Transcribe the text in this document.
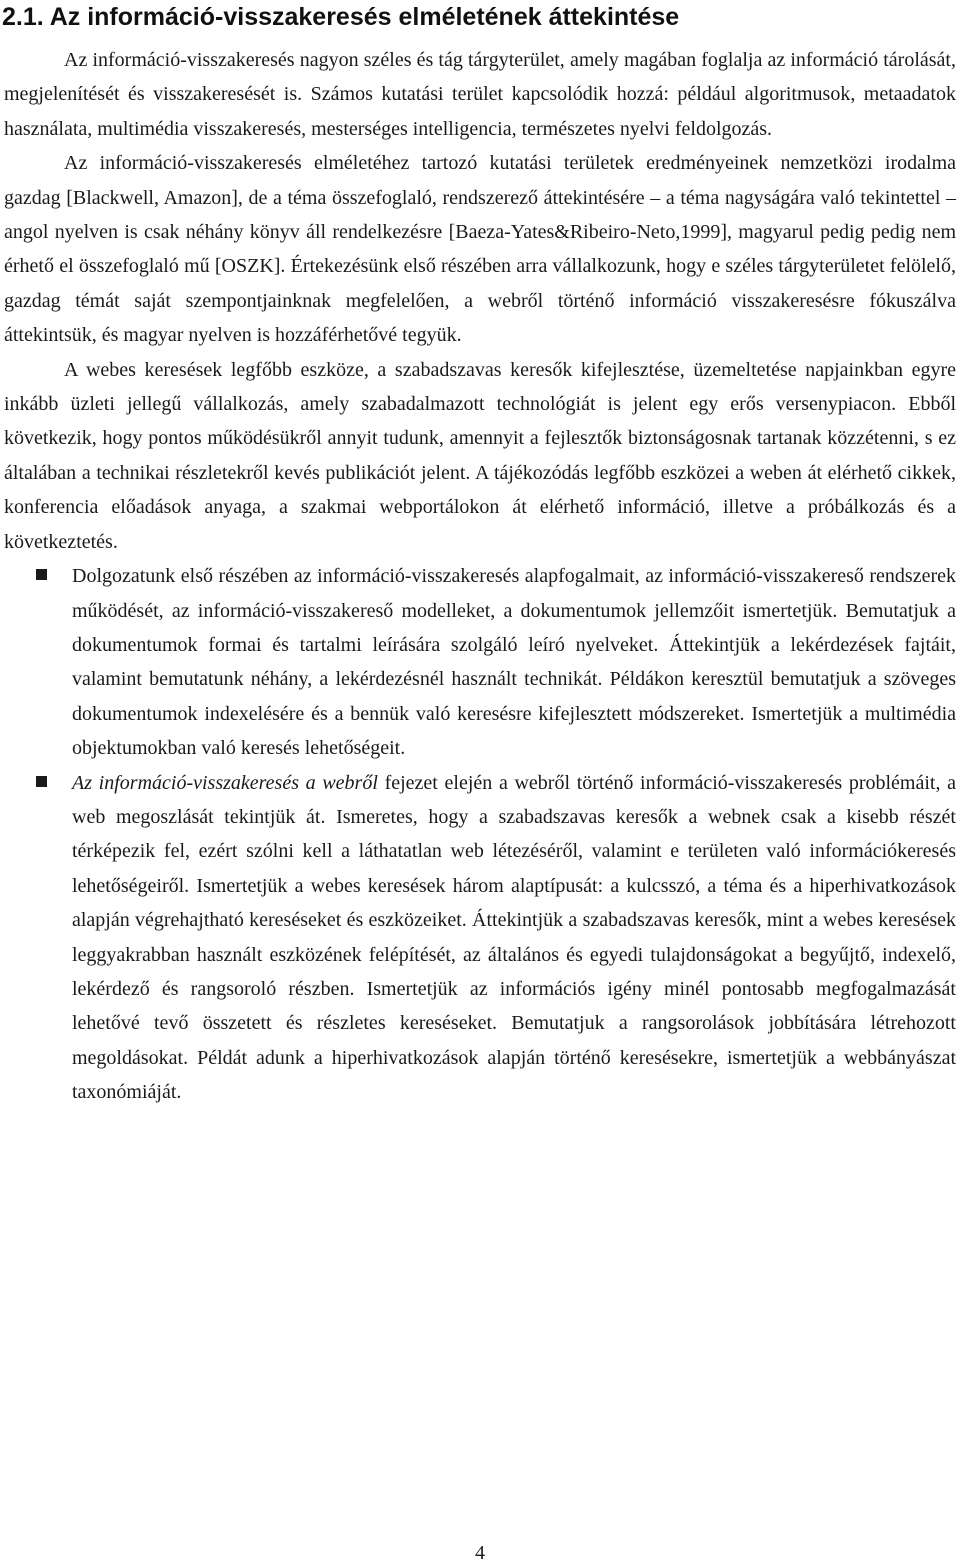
2.1. Az információ-visszakeresés elméletének áttekintése

Az információ-visszakeresés nagyon széles és tág tárgyterület, amely magában foglalja az információ tárolását, megjelenítését és visszakeresését is. Számos kutatási terület kapcsolódik hozzá: például algoritmusok, metaadatok használata, multimédia visszakeresés, mesterséges intelligencia, természetes nyelvi feldolgozás.

Az információ-visszakeresés elméletéhez tartozó kutatási területek eredményeinek nemzetközi irodalma gazdag [Blackwell, Amazon], de a téma összefoglaló, rendszerező áttekintésére – a téma nagyságára való tekintettel – angol nyelven is csak néhány könyv áll rendelkezésre [Baeza-Yates&Ribeiro-Neto,1999], magyarul pedig pedig nem érhető el összefoglaló mű [OSZK]. Értekezésünk első részében arra vállalkozunk, hogy e széles tárgyterületet felölelő, gazdag témát saját szempontjainknak megfelelően, a webről történő információ visszakeresésre fókuszálva áttekintsük, és magyar nyelven is hozzáférhetővé tegyük.

A webes keresések legfőbb eszköze, a szabadszavas keresők kifejlesztése, üzemeltetése napjainkban egyre inkább üzleti jellegű vállalkozás, amely szabadalmazott technológiát is jelent egy erős versenypiacon. Ebből következik, hogy pontos működésükről annyit tudunk, amennyit a fejlesztők biztonságosnak tartanak közzétenni, s ez általában a technikai részletekről kevés publikációt jelent. A tájékozódás legfőbb eszközei a weben át elérhető cikkek, konferencia előadások anyaga, a szakmai webportálokon át elérhető információ, illetve a próbálkozás és a következtetés.

Dolgozatunk első részében az információ-visszakeresés alapfogalmait, az információ-visszakereső rendszerek működését, az információ-visszakereső modelleket, a dokumentumok jellemzőit ismertetjük. Bemutatjuk a dokumentumok formai és tartalmi leírására szolgáló leíró nyelveket. Áttekintjük a lekérdezések fajtáit, valamint bemutatunk néhány, a lekérdezésnél használt technikát. Példákon keresztül bemutatjuk a szöveges dokumentumok indexelésére és a bennük való keresésre kifejlesztett módszereket. Ismertetjük a multimédia objektumokban való keresés lehetőségeit.
Az információ-visszakeresés a webről fejezet elején a webről történő információ-visszakeresés problémáit, a web megoszlását tekintjük át. Ismeretes, hogy a szabadszavas keresők a webnek csak a kisebb részét térképezik fel, ezért szólni kell a láthatatlan web létezéséről, valamint e területen való információkeresés lehetőségeiről. Ismertetjük a webes keresések három alaptípusát: a kulcsszó, a téma és a hiperhivatkozások alapján végrehajtható kereséseket és eszközeiket. Áttekintjük a szabadszavas keresők, mint a webes keresések leggyakrabban használt eszközének felépítését, az általános és egyedi tulajdonságokat a begyűjtő, indexelő, lekérdező és rangsoroló részben. Ismertetjük az információs igény minél pontosabb megfogalmazását lehetővé tevő összetett és részletes kereséseket. Bemutatjuk a rangsorolások jobbítására létrehozott megoldásokat. Példát adunk a hiperhivatkozások alapján történő keresésekre, ismertetjük a webbányászat taxonómiáját.
4
